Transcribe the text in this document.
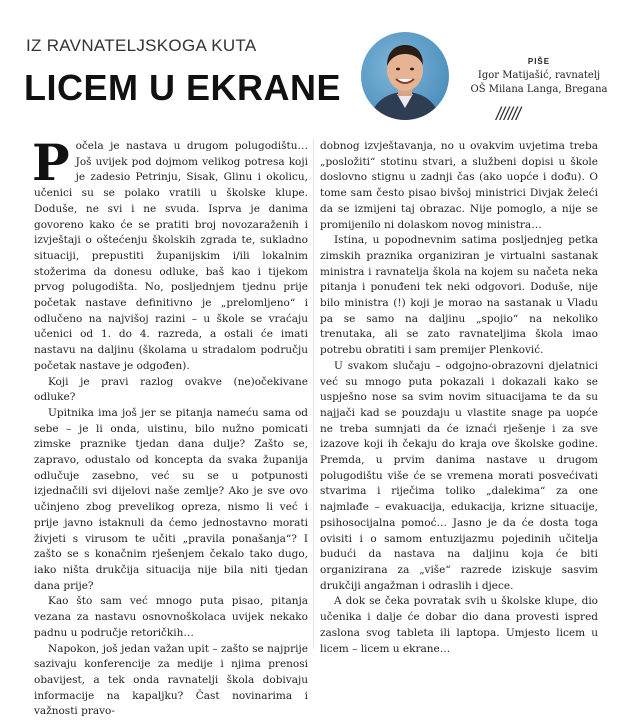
IZ RAVNATELJSKOGA KUTA
LICEM U EKRANE
PIŠE
Igor Matijašić, ravnatelj
OŠ Milana Langa, Bregana
//////

Počela je nastava u drugom polugodištu… Još uvijek pod dojmom velikog potresa koji je zadesio Petrinju, Sisak, Glinu i okolicu, učenici su se polako vratili u školske klupe. Doduše, ne svi i ne svuda. Isprva je danima govoreno kako će se pratiti broj novozaraženih i izvještaji o oštećenju školskih zgrada te, sukladno situaciji, prepustiti županijskim i/ili lokalnim stožerima da donesu odluke, baš kao i tijekom prvog polugodišta. No, posljednjem tjednu prije početak nastave definitivno je „prelomljeno“ i odlučeno na najvišoj razini – u škole se vraćaju učenici od 1. do 4. razreda, a ostali će imati nastavu na daljinu (školama u stradalom području početak nastave je odgođen).

Koji je pravi razlog ovakve (ne)očekivane odluke?

Upitnika ima još jer se pitanja nameću sama od sebe – je li onda, uistinu, bilo nužno pomicati zimske praznike tjedan dana dulje? Zašto se, zapravo, odustalo od koncepta da svaka županija odlučuje zasebno, već su se u potpunosti izjednačili svi dijelovi naše zemlje? Ako je sve ovo učinjeno zbog prevelikog opreza, nismo li već i prije javno istaknuli da ćemo jednostavno morati živjeti s virusom te učiti „pravila ponašanja“? I zašto se s konačnim rješenjem čekalo tako dugo, iako ništa drukčija situacija nije bila niti tjedan dana prije?

Kao što sam već mnogo puta pisao, pitanja vezana za nastavu osnovnoškolaca uvijek nekako padnu u područje retoričkih…

Napokon, još jedan važan upit – zašto se najprije sazivaju konferencije za medije i njima prenosi obavijest, a tek onda ravnatelji škola dobivaju informacije na kapaljku? Čast novinarima i važnosti pravo-

dobnog izvještavanja, no u ovakvim uvjetima treba „posložiti“ stotinu stvari, a službeni dopisi u škole doslovno stignu u zadnji čas (ako uopće i dođu). O tome sam često pisao bivšoj ministrici Divjak želeći da se izmijeni taj obrazac. Nije pomoglo, a nije se promijenilo ni dolaskom novog ministra…

Istina, u popodnevnim satima posljednjeg petka zimskih praznika organiziran je virtualni sastanak ministra i ravnatelja škola na kojem su načeta neka pitanja i ponuđeni tek neki odgovori. Doduše, nije bilo ministra (!) koji je morao na sastanak u Vladu pa se samo na daljinu „spojio“ na nekoliko trenutaka, ali se zato ravnateljima škola imao potrebu obratiti i sam premijer Plenković.

U svakom slučaju – odgojno-obrazovni djelatnici već su mnogo puta pokazali i dokazali kako se uspješno nose sa svim novim situacijama te da su najjači kad se pouzdaju u vlastite snage pa uopće ne treba sumnjati da će iznaći rješenje i za sve izazove koji ih čekaju do kraja ove školske godine. Premda, u prvim danima nastave u drugom polugodištu više će se vremena morati posvećivati stvarima i riječima toliko „dalekima“ za one najmlađe – evakuacija, edukacija, krizne situacije, psihosocijalna pomoć… Jasno je da će dosta toga ovisiti i o samom entuzijazmu pojedinih učitelja budući da nastava na daljinu koja će biti organizirana za „više“ razrede iziskuje sasvim drukčiji angažman i odraslih i djece.

A dok se čeka povratak svih u školske klupe, dio učenika i dalje će dobar dio dana provesti ispred zaslona svog tableta ili laptopa. Umjesto licem u licem – licem u ekrane…
